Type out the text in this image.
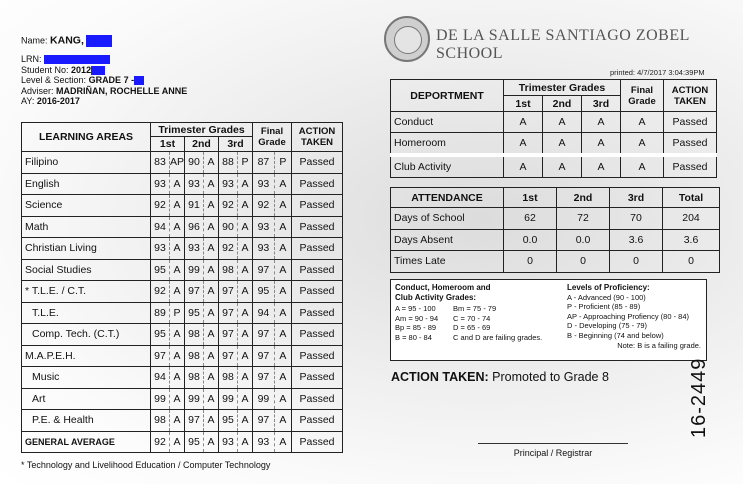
DE LA SALLE SANTIAGO ZOBEL SCHOOL
printed: 4/7/2017 3:04:39PM
Name: KANG,
LRN:
Student No: 2012
Level & Section: GRADE 7 -
Adviser: MADRIÑAN, ROCHELLE ANNE
AY: 2016-2017
LEARNING AREAS	Trimester Grades						Final Grade		ACTION TAKEN
	1st		2nd		3rd				
Filipino	83	AP	90	A	88	P	87	P	Passed
English	93	A	93	A	93	A	93	A	Passed
Science	92	A	91	A	92	A	92	A	Passed
Math	94	A	96	A	90	A	93	A	Passed
Christian Living	93	A	93	A	92	A	93	A	Passed
Social Studies	95	A	99	A	98	A	97	A	Passed
* T.L.E. / C.T.	92	A	97	A	97	A	95	A	Passed
T.L.E.	89	P	95	A	97	A	94	A	Passed
Comp. Tech. (C.T.)	95	A	98	A	97	A	97	A	Passed
M.A.P.E.H.	97	A	98	A	97	A	97	A	Passed
Music	94	A	98	A	98	A	97	A	Passed
Art	99	A	99	A	99	A	99	A	Passed
P.E. & Health	98	A	97	A	95	A	97	A	Passed
GENERAL AVERAGE	92	A	95	A	93	A	93	A	Passed
* Technology and Livelihood Education / Computer Technology
DEPORTMENT	Trimester Grades			Final Grade	ACTION TAKEN
	1st	2nd	3rd		
Conduct	A	A	A	A	Passed
Homeroom	A	A	A	A	Passed
Club Activity	A	A	A	A	Passed
ATTENDANCE	1st	2nd	3rd	Total
Days of School	62	72	70	204
Days Absent	0.0	0.0	3.6	3.6
Times Late	0	0	0	0
Conduct, Homeroom and
Club Activity Grades:
A = 95 - 100	Bm = 75 - 79
Am = 90 - 94	C = 70 - 74
Bp = 85 - 89	D = 65 - 69
B = 80 - 84	C and D are failing grades.
Levels of Proficiency:
A - Advanced (90 - 100)
P - Proficient (85 - 89)
AP - Approaching Profiency (80 - 84)
D - Developing (75 - 79)
B - Beginning (74 and below)
Note: B is a failing grade.
ACTION TAKEN: Promoted to Grade 8
Principal / Registrar
16-2449
